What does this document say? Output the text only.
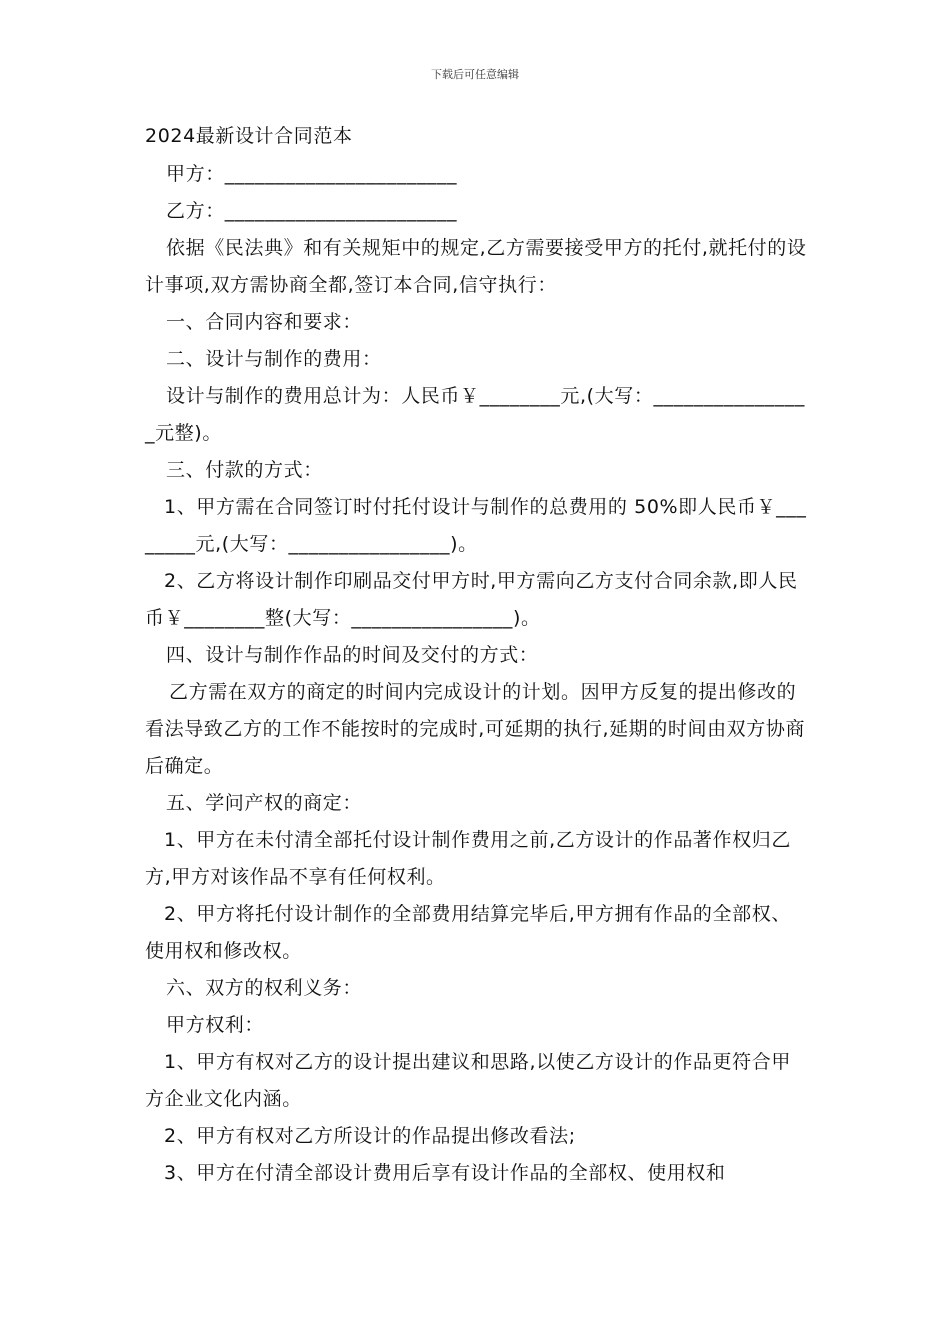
下载后可任意编辑
2024最新设计合同范本

甲方：_______________________

乙方：_______________________

依据《民法典》和有关规矩中的规定,乙方需要接受甲方的托付,就托付的设计事项,双方需协商全都,签订本合同,信守执行：

一、合同内容和要求：

二、设计与制作的费用：

设计与制作的费用总计为：人民币￥________元,(大写：________________元整)。

三、付款的方式：

1、甲方需在合同签订时付托付设计与制作的总费用的 50%即人民币￥________元,(大写：________________)。

2、乙方将设计制作印刷品交付甲方时,甲方需向乙方支付合同余款,即人民币￥________整(大写：________________)。

四、设计与制作作品的时间及交付的方式：

乙方需在双方的商定的时间内完成设计的计划。因甲方反复的提出修改的看法导致乙方的工作不能按时的完成时,可延期的执行,延期的时间由双方协商后确定。

五、学问产权的商定：

1、甲方在未付清全部托付设计制作费用之前,乙方设计的作品著作权归乙方,甲方对该作品不享有任何权利。

2、甲方将托付设计制作的全部费用结算完毕后,甲方拥有作品的全部权、使用权和修改权。

六、双方的权利义务：

甲方权利：

1、甲方有权对乙方的设计提出建议和思路,以使乙方设计的作品更符合甲方企业文化内涵。

2、甲方有权对乙方所设计的作品提出修改看法;

3、甲方在付清全部设计费用后享有设计作品的全部权、使用权和
